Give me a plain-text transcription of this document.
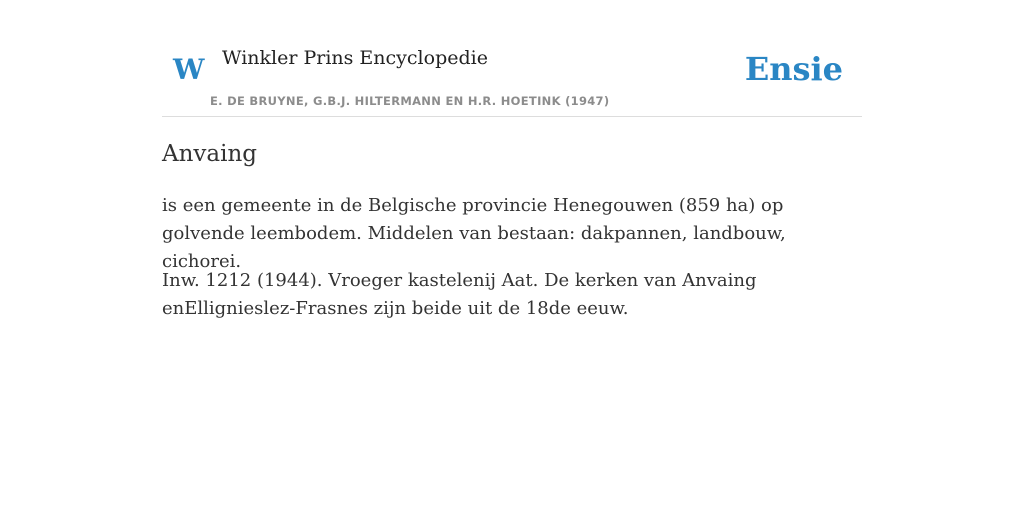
W Winkler Prins Encyclopedie
E. DE BRUYNE, G.B.J. HILTERMANN EN H.R. HOETINK (1947)
Ensie
Anvaing

is een gemeente in de Belgische provincie Henegouwen (859 ha) op golvende leembodem. Middelen van bestaan: dakpannen, landbouw, cichorei.

Inw. 1212 (1944). Vroeger kastelenij Aat. De kerken van Anvaing enEllignieslez-Frasnes zijn beide uit de 18de eeuw.
